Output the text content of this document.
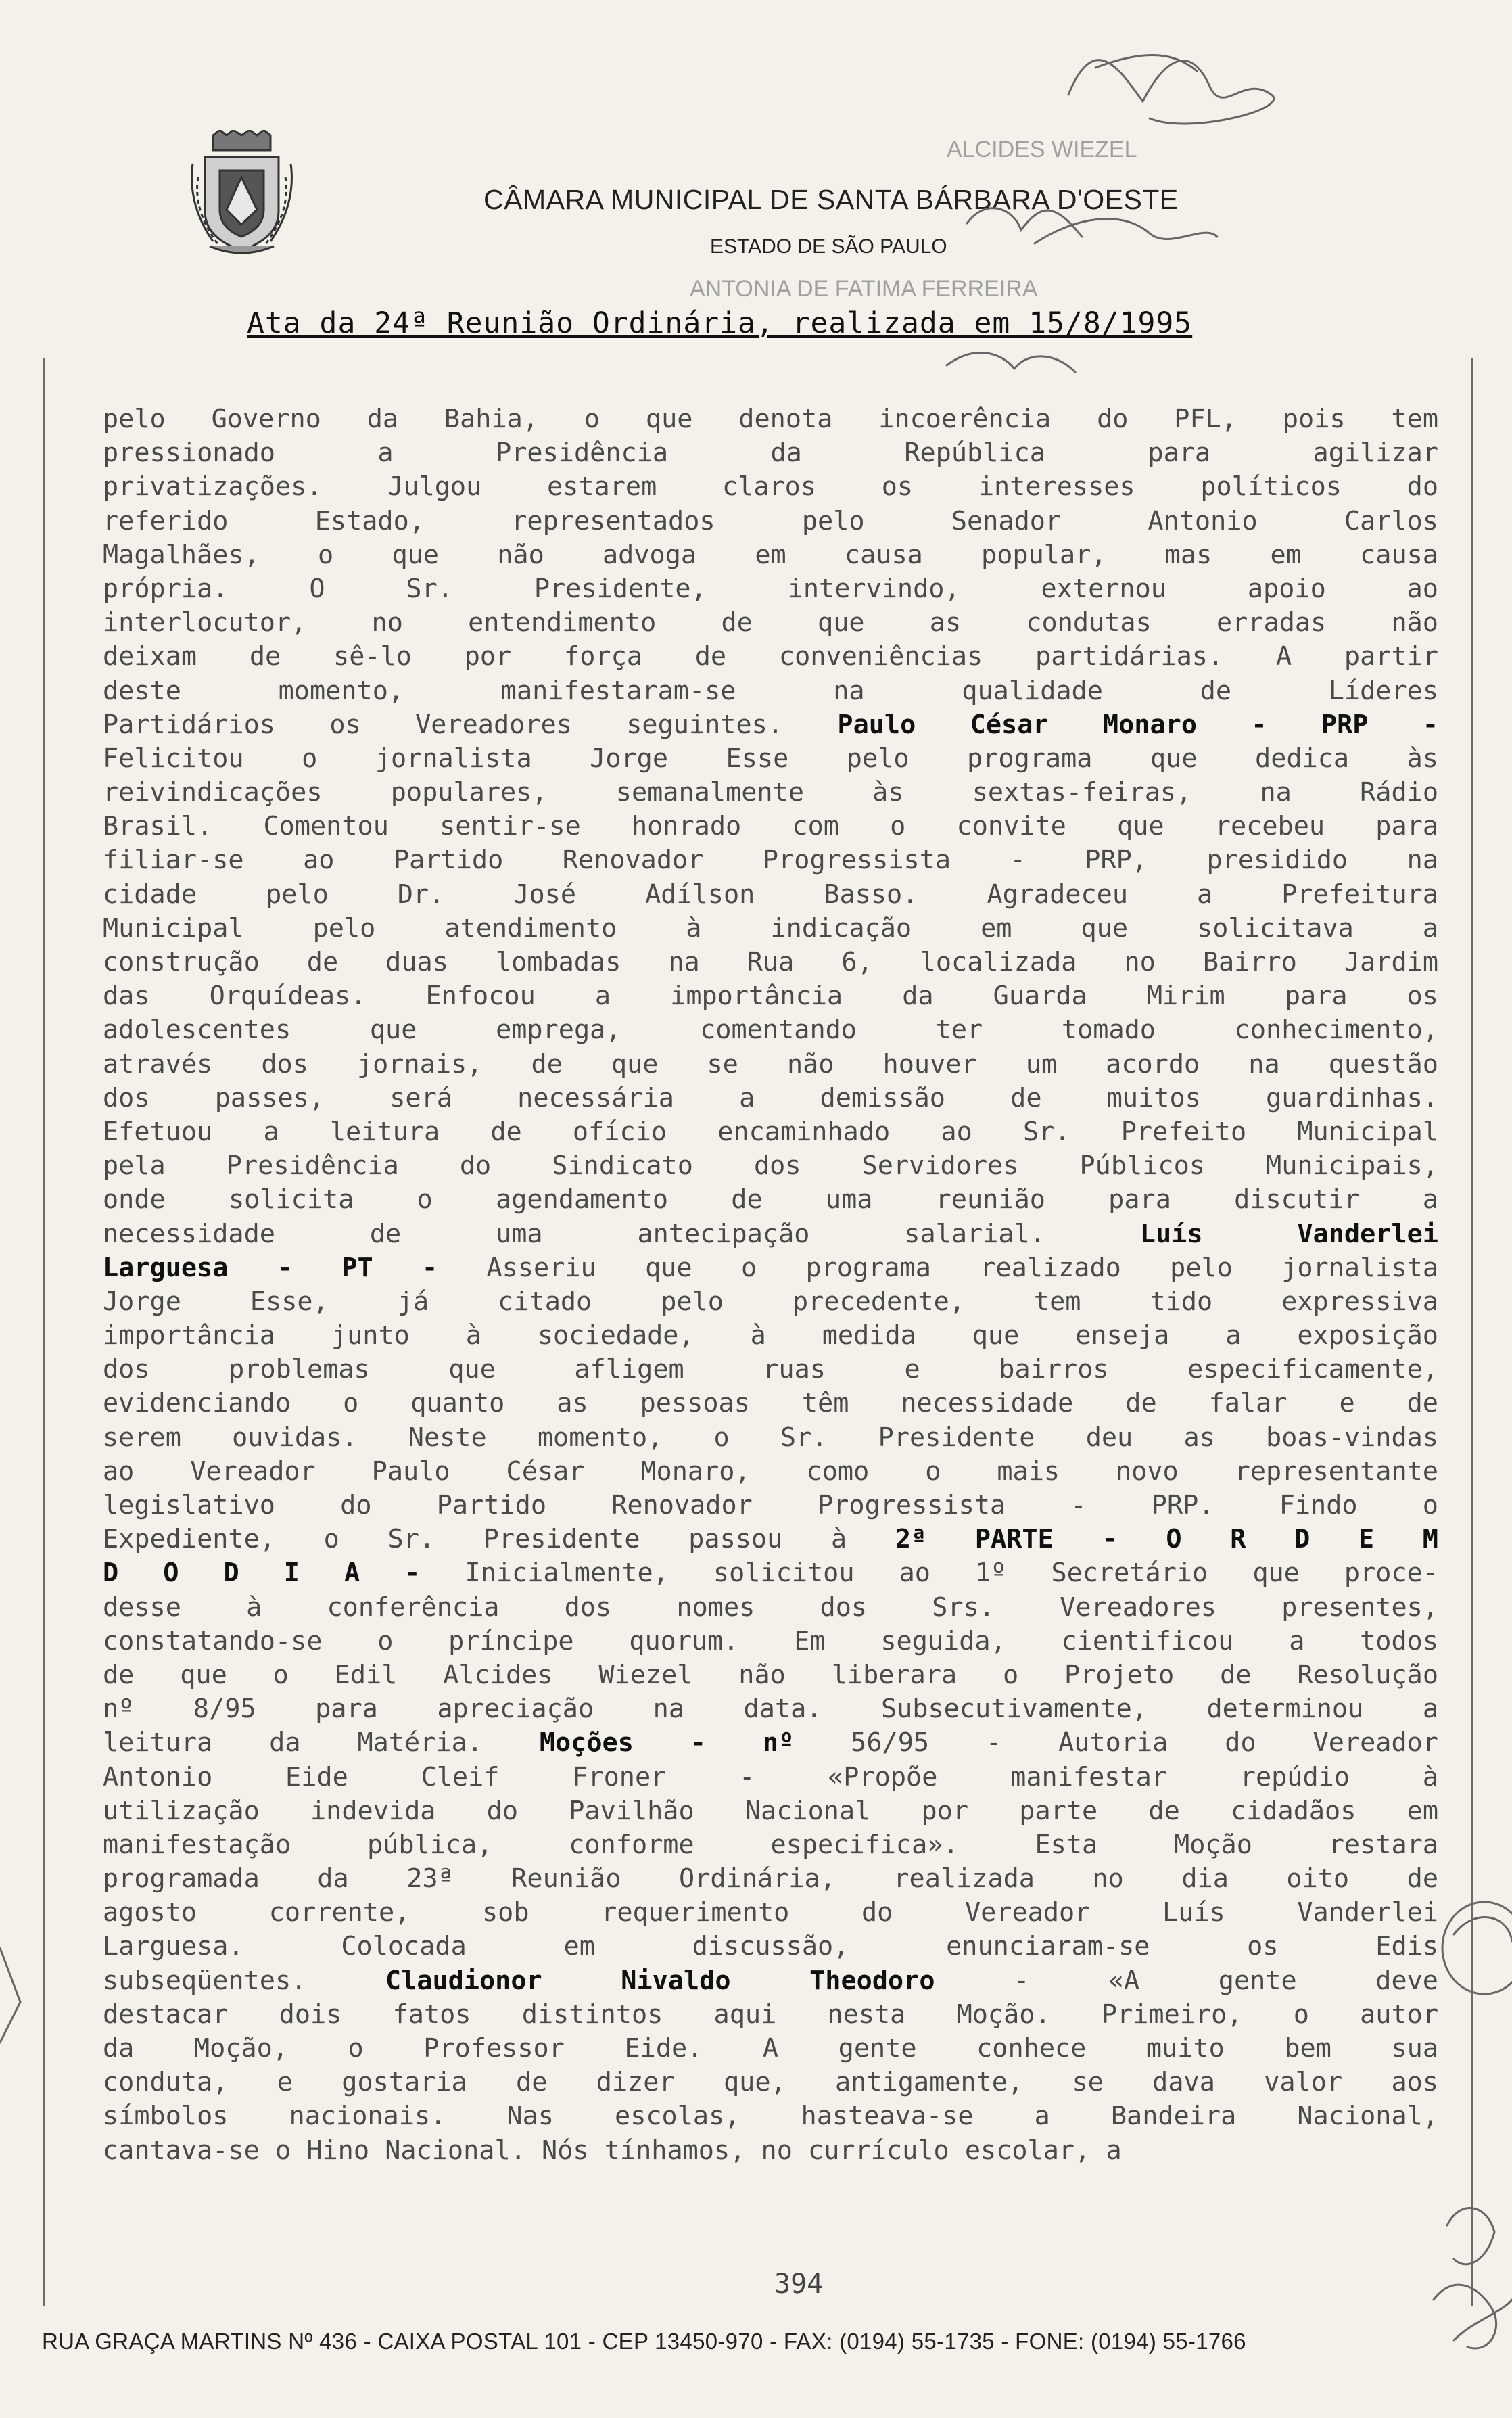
CÂMARA MUNICIPAL DE SANTA BÁRBARA D'OESTE
ESTADO DE SÃO PAULO
Ata da 24ª Reunião Ordinária, realizada em 15/8/1995
pelo Governo da Bahia, o que denota incoerência do PFL, pois tem
pressionado a Presidência da República para agilizar
privatizações. Julgou estarem claros os interesses políticos do
referido Estado, representados pelo Senador Antonio Carlos
Magalhães, o que não advoga em causa popular, mas em causa
própria. O Sr. Presidente, intervindo, externou apoio ao
interlocutor, no entendimento de que as condutas erradas não
deixam de sê-lo por força de conveniências partidárias. A partir
deste momento, manifestaram-se na qualidade de Líderes
Partidários os Vereadores seguintes. Paulo César Monaro - PRP -
Felicitou o jornalista Jorge Esse pelo programa que dedica às
reivindicações populares, semanalmente às sextas-feiras, na Rádio
Brasil. Comentou sentir-se honrado com o convite que recebeu para
filiar-se ao Partido Renovador Progressista - PRP, presidido na
cidade pelo Dr. José Adílson Basso. Agradeceu a Prefeitura
Municipal pelo atendimento à indicação em que solicitava a
construção de duas lombadas na Rua 6, localizada no Bairro Jardim
das Orquídeas. Enfocou a importância da Guarda Mirim para os
adolescentes que emprega, comentando ter tomado conhecimento,
através dos jornais, de que se não houver um acordo na questão
dos passes, será necessária a demissão de muitos guardinhas.
Efetuou a leitura de ofício encaminhado ao Sr. Prefeito Municipal
pela Presidência do Sindicato dos Servidores Públicos Municipais,
onde solicita o agendamento de uma reunião para discutir a
necessidade de uma antecipação salarial. Luís Vanderlei
Larguesa - PT - Asseriu que o programa realizado pelo jornalista
Jorge Esse, já citado pelo precedente, tem tido expressiva
importância junto à sociedade, à medida que enseja a exposição
dos problemas que afligem ruas e bairros especificamente,
evidenciando o quanto as pessoas têm necessidade de falar e de
serem ouvidas. Neste momento, o Sr. Presidente deu as boas-vindas
ao Vereador Paulo César Monaro, como o mais novo representante
legislativo do Partido Renovador Progressista - PRP. Findo o
Expediente, o Sr. Presidente passou à 2ª PARTE - O R D E M
D O D I A - Inicialmente, solicitou ao 1º Secretário que proce-
desse à conferência dos nomes dos Srs. Vereadores presentes,
constatando-se o príncipe quorum. Em seguida, cientificou a todos
de que o Edil Alcides Wiezel não liberara o Projeto de Resolução
nº 8/95 para apreciação na data. Subsecutivamente, determinou a
leitura da Matéria. Moções - nº 56/95 - Autoria do Vereador
Antonio Eide Cleif Froner - «Propõe manifestar repúdio à
utilização indevida do Pavilhão Nacional por parte de cidadãos em
manifestação pública, conforme especifica». Esta Moção restara
programada da 23ª Reunião Ordinária, realizada no dia oito de
agosto corrente, sob requerimento do Vereador Luís Vanderlei
Larguesa. Colocada em discussão, enunciaram-se os Edis
subseqüentes. Claudionor Nivaldo Theodoro - «A gente deve
destacar dois fatos distintos aqui nesta Moção. Primeiro, o autor
da Moção, o Professor Eide. A gente conhece muito bem sua
conduta, e gostaria de dizer que, antigamente, se dava valor aos
símbolos nacionais. Nas escolas, hasteava-se a Bandeira Nacional,
cantava-se o Hino Nacional. Nós tínhamos, no currículo escolar, a
394
RUA GRAÇA MARTINS Nº 436 - CAIXA POSTAL 101 - CEP 13450-970 - FAX: (0194) 55-1735 - FONE: (0194) 55-1766
ALCIDES WIEZEL
ANTONIA DE FATIMA FERREIRA
